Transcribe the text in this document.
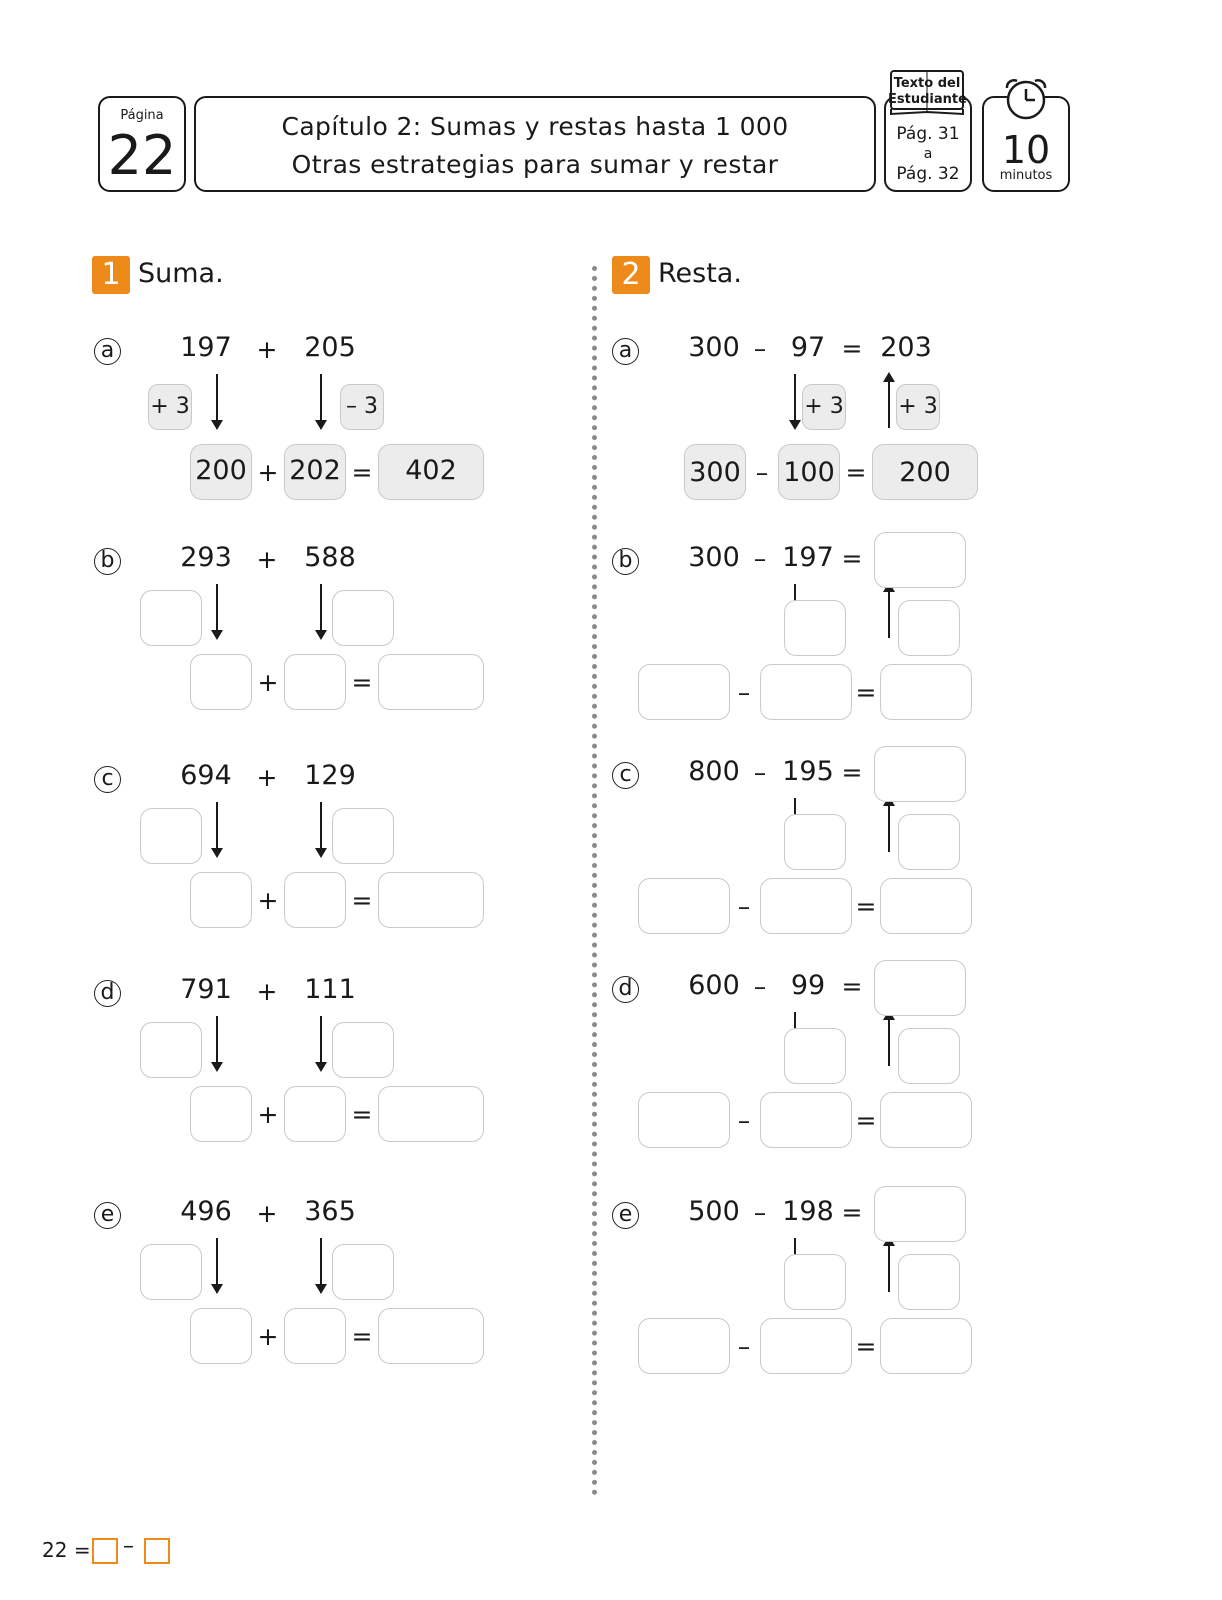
Página
22	Capítulo 2: Sumas y restas hasta 1 000
Otras estrategias para sumar y restar
Pág. 31
a
Pág. 32
Texto del
Estudiante
10
minutos
1 Suma.
a 197 + 205
+ 3	– 3
200 202	402
+	=
b 293 + 588
+	=
c 694 + 129
+	=
d 791 + 111
+	=
e 496 + 365
+	=
2 Resta.
a 300 – 97 = 203
+ 3 + 3
300 100	200
–	=
b 300 – 197 =
–	=
c 800 – 195 =
–	=
d 600 – 99 =
–	=
e 500 – 198 =
–	=
22 = –
